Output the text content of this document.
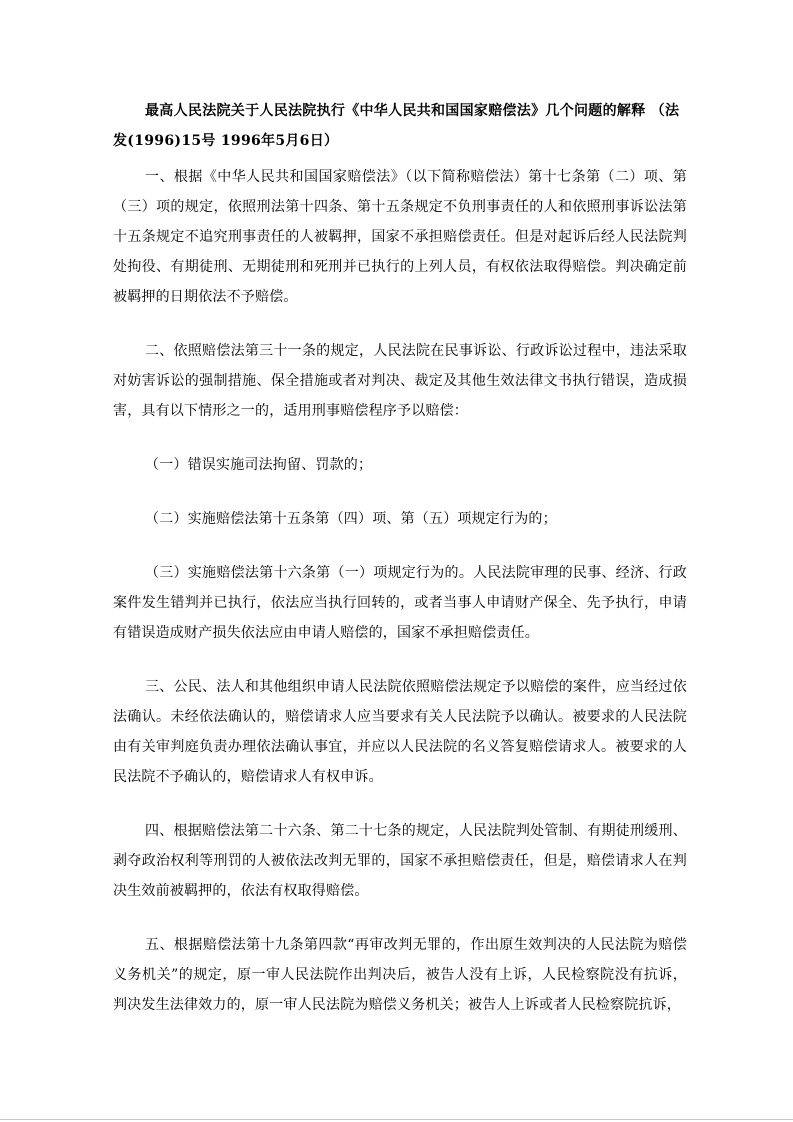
最高人民法院关于人民法院执行《中华人民共和国国家赔偿法》几个问题的解释 （法发(1996)15号 1996年5月6日）

一、根据《中华人民共和国国家赔偿法》（以下简称赔偿法）第十七条第（二）项、第（三）项的规定，依照刑法第十四条、第十五条规定不负刑事责任的人和依照刑事诉讼法第十五条规定不追究刑事责任的人被羁押，国家不承担赔偿责任。但是对起诉后经人民法院判处拘役、有期徒刑、无期徒刑和死刑并已执行的上列人员，有权依法取得赔偿。判决确定前被羁押的日期依法不予赔偿。

二、依照赔偿法第三十一条的规定，人民法院在民事诉讼、行政诉讼过程中，违法采取对妨害诉讼的强制措施、保全措施或者对判决、裁定及其他生效法律文书执行错误，造成损害，具有以下情形之一的，适用刑事赔偿程序予以赔偿：

（一）错误实施司法拘留、罚款的；

（二）实施赔偿法第十五条第（四）项、第（五）项规定行为的；

（三）实施赔偿法第十六条第（一）项规定行为的。人民法院审理的民事、经济、行政案件发生错判并已执行，依法应当执行回转的，或者当事人申请财产保全、先予执行，申请有错误造成财产损失依法应由申请人赔偿的，国家不承担赔偿责任。

三、公民、法人和其他组织申请人民法院依照赔偿法规定予以赔偿的案件，应当经过依法确认。未经依法确认的，赔偿请求人应当要求有关人民法院予以确认。被要求的人民法院由有关审判庭负责办理依法确认事宜，并应以人民法院的名义答复赔偿请求人。被要求的人民法院不予确认的，赔偿请求人有权申诉。

四、根据赔偿法第二十六条、第二十七条的规定，人民法院判处管制、有期徒刑缓刑、剥夺政治权利等刑罚的人被依法改判无罪的，国家不承担赔偿责任，但是，赔偿请求人在判决生效前被羁押的，依法有权取得赔偿。

五、根据赔偿法第十九条第四款“再审改判无罪的，作出原生效判决的人民法院为赔偿义务机关”的规定，原一审人民法院作出判决后，被告人没有上诉，人民检察院没有抗诉，判决发生法律效力的，原一审人民法院为赔偿义务机关；被告人上诉或者人民检察院抗诉，
